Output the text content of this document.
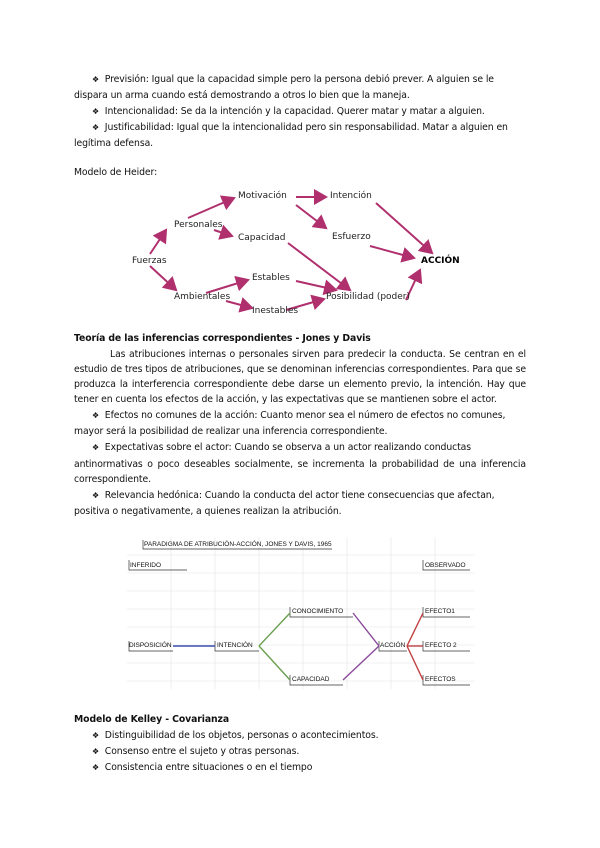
❖ Previsión: Igual que la capacidad simple pero la persona debió prever. A alguien se le
dispara un arma cuando está demostrando a otros lo bien que la maneja.
❖ Intencionalidad: Se da la intención y la capacidad. Querer matar y matar a alguien.
❖ Justificabilidad: Igual que la intencionalidad pero sin responsabilidad. Matar a alguien en
legítima defensa.
Modelo de Heider:
Fuerzas
Personales
Ambientales
Motivación
Capacidad
Estables
Inestables
Intención
Esfuerzo
Posibilidad (poder)
ACCIÓN
Teoría de las inferencias correspondientes - Jones y Davis
Las atribuciones internas o personales sirven para predecir la conducta. Se centran en el estudio de tres tipos de atribuciones, que se denominan inferencias correspondientes. Para que se produzca la interferencia correspondiente debe darse un elemento previo, la intención. Hay que tener en cuenta los efectos de la acción, y las expectativas que se mantienen sobre el actor.
❖ Efectos no comunes de la acción: Cuanto menor sea el número de efectos no comunes,
mayor será la posibilidad de realizar una inferencia correspondiente.
❖ Expectativas sobre el actor: Cuando se observa a un actor realizando conductas
antinormativas o poco deseables socialmente, se incrementa la probabilidad de una inferencia correspondiente.
❖ Relevancia hedónica: Cuando la conducta del actor tiene consecuencias que afectan,
positiva o negativamente, a quienes realizan la atribución.
PARADIGMA DE ATRIBUCIÓN-ACCIÓN, JONES Y DAVIS, 1965
INFERIDO	OBSERVADO
CONOCIMIENTO
CAPACIDAD
DISPOSICIÓN	INTENCIÓN	ACCIÓN
EFECTO1
EFECTO 2
EFECTOS
Modelo de Kelley - Covarianza
❖ Distinguibilidad de los objetos, personas o acontecimientos.
❖ Consenso entre el sujeto y otras personas.
❖ Consistencia entre situaciones o en el tiempo
